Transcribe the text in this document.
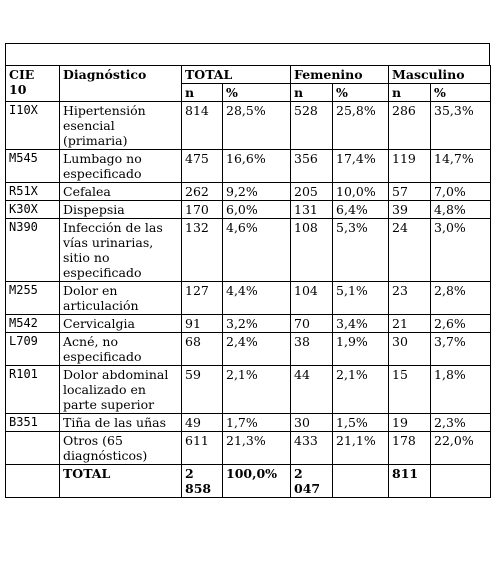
CIE 10	Diagnóstico	TOTAL		Femenino		Masculino	
		n	%	n	%	n	%
I10X	Hipertensión esencial (primaria)	814	28,5%	528	25,8%	286	35,3%
M545	Lumbago no especificado	475	16,6%	356	17,4%	119	14,7%
R51X	Cefalea	262	9,2%	205	10,0%	57	7,0%
K30X	Dispepsia	170	6,0%	131	6,4%	39	4,8%
N390	Infección de las vías urinarias, sitio no especificado	132	4,6%	108	5,3%	24	3,0%
M255	Dolor en articulación	127	4,4%	104	5,1%	23	2,8%
M542	Cervicalgia	91	3,2%	70	3,4%	21	2,6%
L709	Acné, no especificado	68	2,4%	38	1,9%	30	3,7%
R101	Dolor abdominal localizado en parte superior	59	2,1%	44	2,1%	15	1,8%
B351	Tiña de las uñas	49	1,7%	30	1,5%	19	2,3%
	Otros (65 diagnósticos)	611	21,3%	433	21,1%	178	22,0%
	TOTAL	2 858	100,0%	2 047		811	
